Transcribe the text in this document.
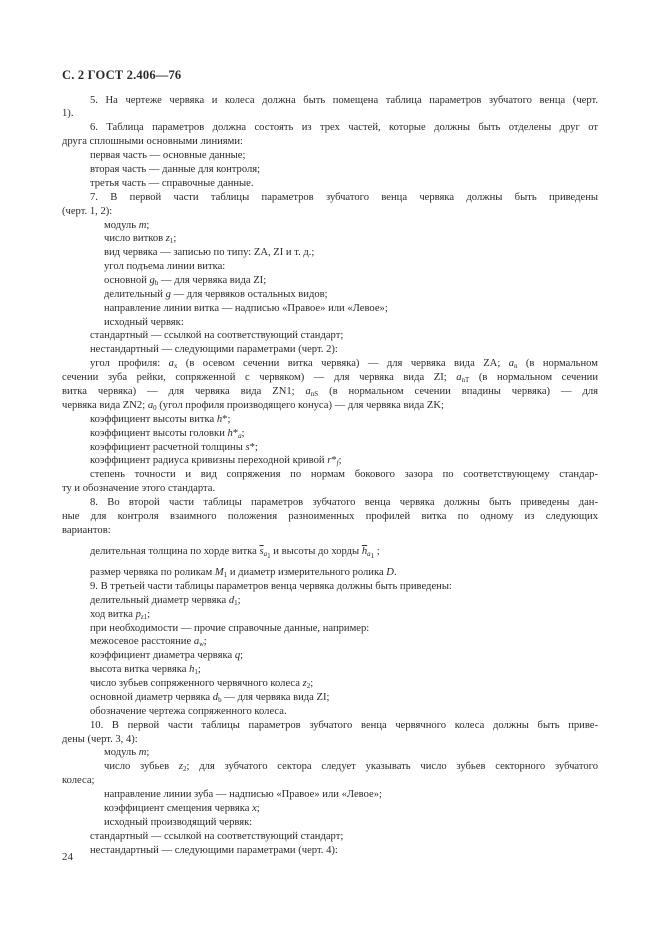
С. 2 ГОСТ 2.406—76
5. На чертеже червяка и колеса должна быть помещена таблица параметров зубчатого венца (черт.
1).
6. Таблица параметров должна состоять из трех частей, которые должны быть отделены друг от
друга сплошными основными линиями:
первая часть — основные данные;
вторая часть — данные для контроля;
третья часть — справочные данные.
7. В первой части таблицы параметров зубчатого венца червяка должны быть приведены
(черт. 1, 2):
модуль m;
число витков $z_1$;
вид червяка — записью по типу: ZA, ZI и т. д.;
угол подъема линии витка:
основной $g_b$ — для червяка вида ZI;
делительный g — для червяков остальных видов;
направление линии витка — надписью «Правое» или «Левое»;
исходный червяк:
стандартный — ссылкой на соответствующий стандарт;
нестандартный — следующими параметрами (черт. 2):
угол профиля: $a_x$ (в осевом сечении витка червяка) — для червяка вида ZA; $a_n$ (в нормальном
сечении зуба рейки, сопряженной с червяком) — для червяка вида ZI; $a_{nT}$ (в нормальном сечении
витка червяка) — для червяка вида ZN1; $a_{nS}$ (в нормальном сечении впадины червяка) — для
червяка вида ZN2; $a_0$ (угол профиля производящего конуса) — для червяка вида ZK;
коэффициент высоты витка h*;
коэффициент высоты головки $h*_a$;
коэффициент расчетной толщины s*;
коэффициент радиуса кривизны переходной кривой $r*_f$;
степень точности и вид сопряжения по нормам бокового зазора по соответствующему стандар-
ту и обозначение этого стандарта.
8. Во второй части таблицы параметров зубчатого венца червяка должны быть приведены дан-
ные для контроля взаимного положения разноименных профилей витка по одному из следующих
вариантов:
делительная толщина по хорде витка $\overline{s}_{a_1}$ и высоты до хорды $\overline{h}_{a_1}$ ;
размер червяка по роликам $M_1$ и диаметр измерительного ролика D.
9. В третьей части таблицы параметров венца червяка должны быть приведены:
делительный диаметр червяка $d_1$;
ход витка $p_{z1}$;
при необходимости — прочие справочные данные, например:
межосевое расстояние $a_w$;
коэффициент диаметра червяка q;
высота витка червяка $h_1$;
число зубьев сопряженного червячного колеса $z_2$;
основной диаметр червяка $d_b$ — для червяка вида ZI;
обозначение чертежа сопряженного колеса.
10. В первой части таблицы параметров зубчатого венца червячного колеса должны быть приве-
дены (черт. 3, 4):
модуль m;
число зубьев $z_2$; для зубчатого сектора следует указывать число зубьев секторного зубчатого
колеса;
направление линии зуба — надписью «Правое» или «Левое»;
коэффициент смещения червяка x;
исходный производящий червяк:
стандартный — ссылкой на соответствующий стандарт;
нестандартный — следующими параметрами (черт. 4):
24
